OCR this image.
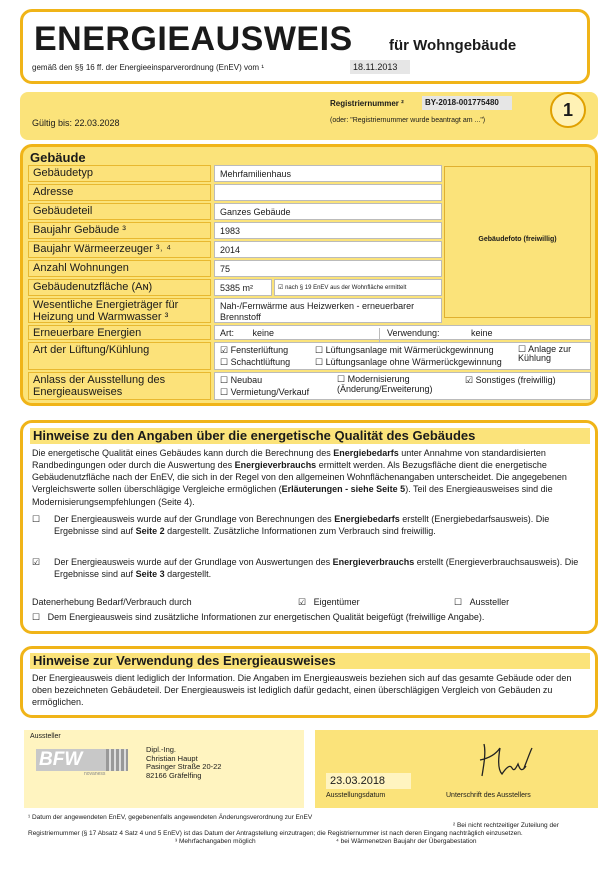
ENERGIEAUSWEIS für Wohngebäude
gemäß den §§ 16 ff. der Energieeinsparverordnung (EnEV) vom ¹	18.11.2013
Gültig bis: 22.03.2028
Registriernummer ²	BY-2018-001775480
(oder: "Registriernummer wurde beantragt am ...")
1
Gebäude
Gebäudetyp	Mehrfamilienhaus
Adresse
Gebäudeteil	Ganzes Gebäude
Baujahr Gebäude ³	1983
Baujahr Wärmeerzeuger ³˒ ⁴	2014
Anzahl Wohnungen	75
Gebäudenutzfläche (Aɴ)	5385 m²	☑ nach § 19 EnEV aus der Wohnfläche ermittelt
Wesentliche Energieträger für Heizung und Warmwasser ³
Nah-/Fernwärme aus Heizwerken - erneuerbarer Brennstoff
Gebäudefoto (freiwillig)
Erneuerbare Energien	Art: keine	Verwendung:	keine
Art der Lüftung/Kühlung	☑ Fensterlüftung	☐ Lüftungsanlage mit Wärmerückgewinnung	☐ Anlage zur Kühlung
☐ Schachtlüftung	☐ Lüftungsanlage ohne Wärmerückgewinnung
Anlass der Ausstellung des Energieausweises
☐ Neubau	☐ Modernisierung (Änderung/Erweiterung)
☑ Sonstiges (freiwillig)
☐ Vermietung/Verkauf
Hinweise zu den Angaben über die energetische Qualität des Gebäudes
Die energetische Qualität eines Gebäudes kann durch die Berechnung des Energiebedarfs unter Annahme von standardisierten Randbedingungen oder durch die Auswertung des Energieverbrauchs ermittelt werden. Als Bezugsfläche dient die energetische Gebäudenutzfläche nach der EnEV, die sich in der Regel von den allgemeinen Wohnflächenangaben unterscheidet. Die angegebenen Vergleichswerte sollen überschlägige Vergleiche ermöglichen (Erläuterungen - siehe Seite 5). Teil des Energieausweises sind die Modernisierungsempfehlungen (Seite 4).
☐ Der Energieausweis wurde auf der Grundlage von Berechnungen des Energiebedarfs erstellt (Energiebedarfsausweis). Die Ergebnisse sind auf Seite 2 dargestellt. Zusätzliche Informationen zum Verbrauch sind freiwillig.
☑ Der Energieausweis wurde auf der Grundlage von Auswertungen des Energieverbrauchs erstellt (Energieverbrauchsausweis). Die Ergebnisse sind auf Seite 3 dargestellt.
Datenerhebung Bedarf/Verbrauch durch	☑ Eigentümer	☐ Aussteller
☐ Dem Energieausweis sind zusätzliche Informationen zur energetischen Qualität beigefügt (freiwillige Angabe).
Hinweise zur Verwendung des Energieausweises
Der Energieausweis dient lediglich der Information. Die Angaben im Energieausweis beziehen sich auf das gesamte Gebäude oder den oben bezeichneten Gebäudeteil. Der Energieausweis ist lediglich dafür gedacht, einen überschlägigen Vergleich von Gebäuden zu ermöglichen.
Aussteller
BFW
novaness
Dipl.-Ing.
Christian Haupt
Pasinger Straße 20-22
82166 Gräfelfing	23.03.2018
Ausstellungsdatum	Unterschrift des Ausstellers
¹ Datum der angewendeten EnEV, gegebenenfalls angewendeten Änderungsverordnung zur EnEV
² Bei nicht rechtzeitiger Zuteilung der Registriernummer (§ 17 Absatz 4 Satz 4 und 5 EnEV) ist das Datum der Antragstellung einzutragen; die Registriernummer ist nach deren Eingang nachträglich einzusetzen.
³ Mehrfachangaben möglich	⁴ bei Wärmenetzen Baujahr der Übergabestation
